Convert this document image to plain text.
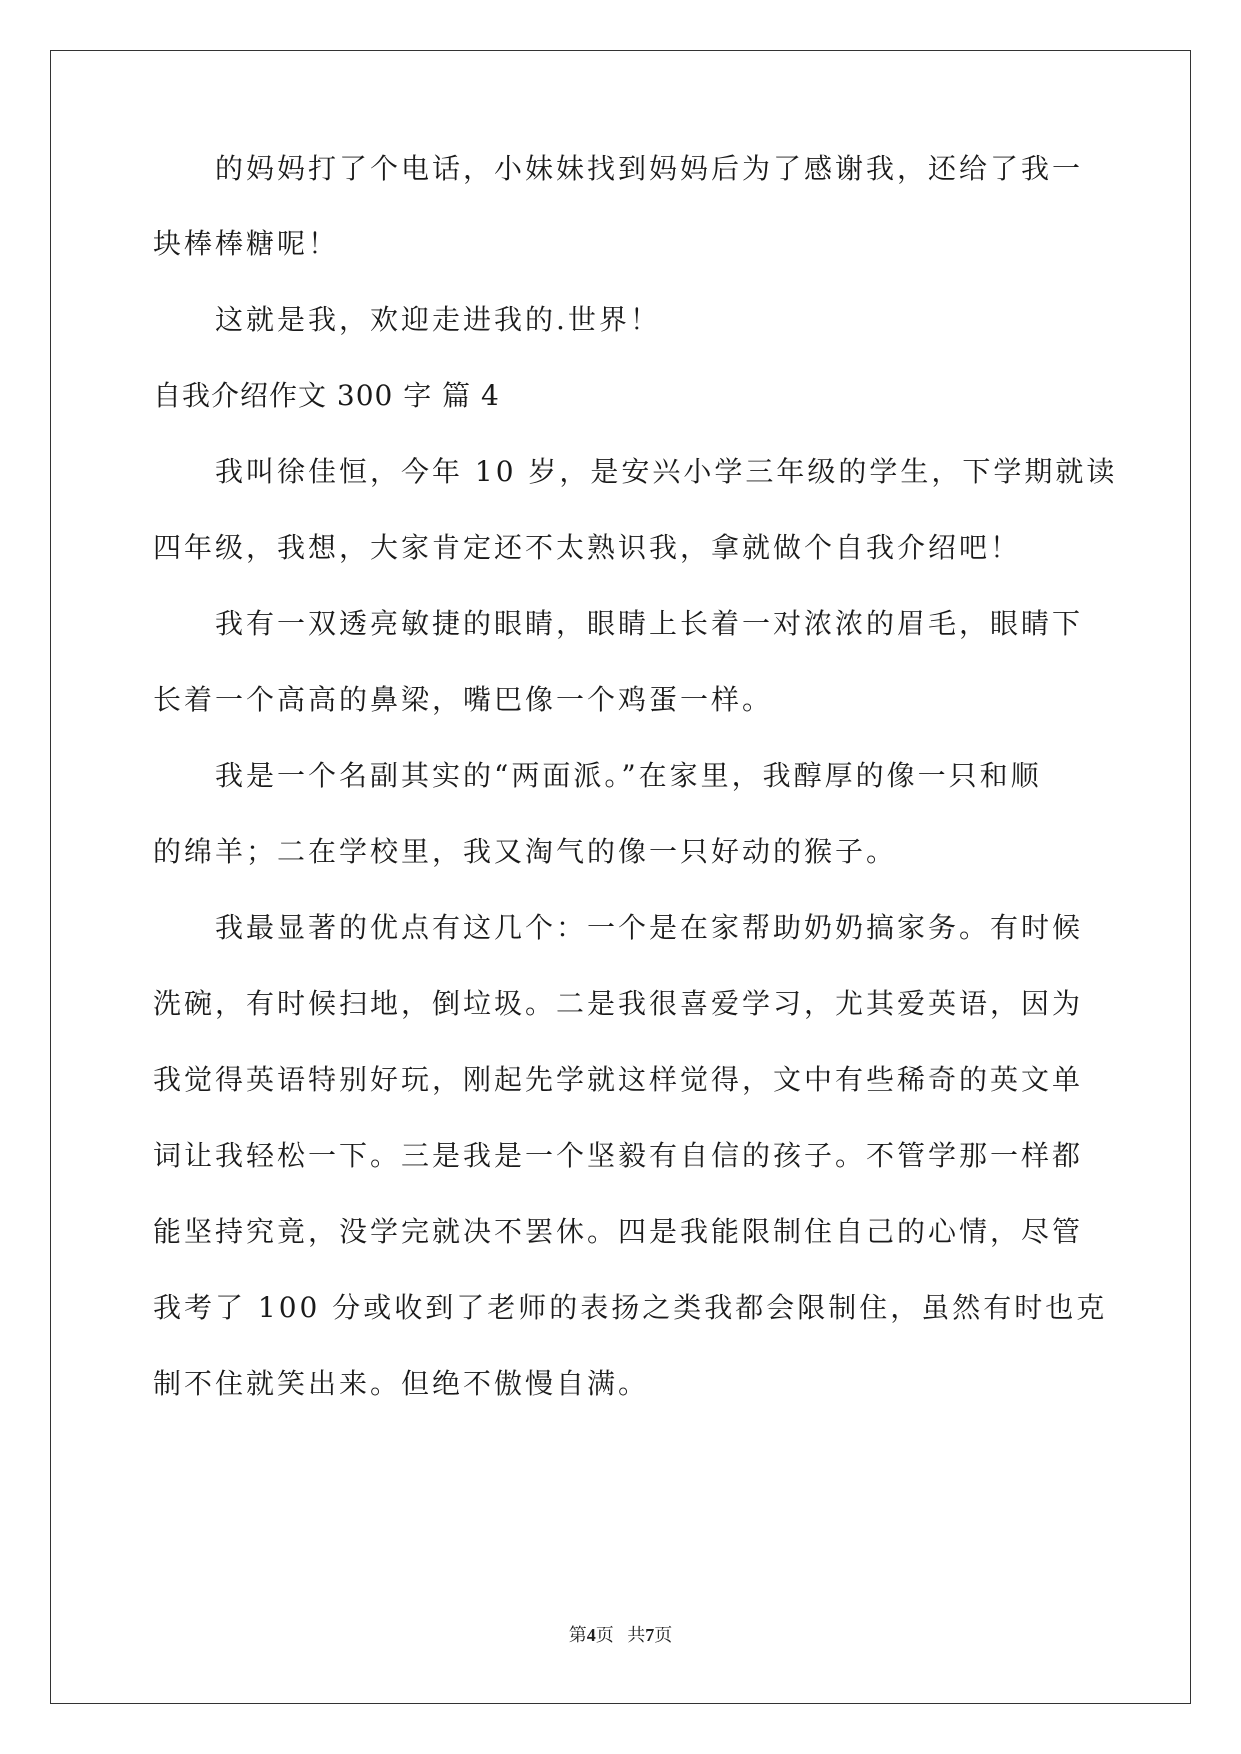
的妈妈打了个电话，小妹妹找到妈妈后为了感谢我，还给了我一
块棒棒糖呢！
这就是我，欢迎走进我的.世界！
自我介绍作文 300 字 篇 4
我叫徐佳恒，今年 10 岁，是安兴小学三年级的学生，下学期就读
四年级，我想，大家肯定还不太熟识我，拿就做个自我介绍吧！
我有一双透亮敏捷的眼睛，眼睛上长着一对浓浓的眉毛，眼睛下
长着一个高高的鼻梁，嘴巴像一个鸡蛋一样。
我是一个名副其实的“两面派。”在家里，我醇厚的像一只和顺
的绵羊；二在学校里，我又淘气的像一只好动的猴子。
我最显著的优点有这几个：一个是在家帮助奶奶搞家务。有时候
洗碗，有时候扫地，倒垃圾。二是我很喜爱学习，尤其爱英语，因为
我觉得英语特别好玩，刚起先学就这样觉得，文中有些稀奇的英文单
词让我轻松一下。三是我是一个坚毅有自信的孩子。不管学那一样都
能坚持究竟，没学完就决不罢休。四是我能限制住自己的心情，尽管
我考了 100 分或收到了老师的表扬之类我都会限制住，虽然有时也克
制不住就笑出来。但绝不傲慢自满。
第4页   共7页
